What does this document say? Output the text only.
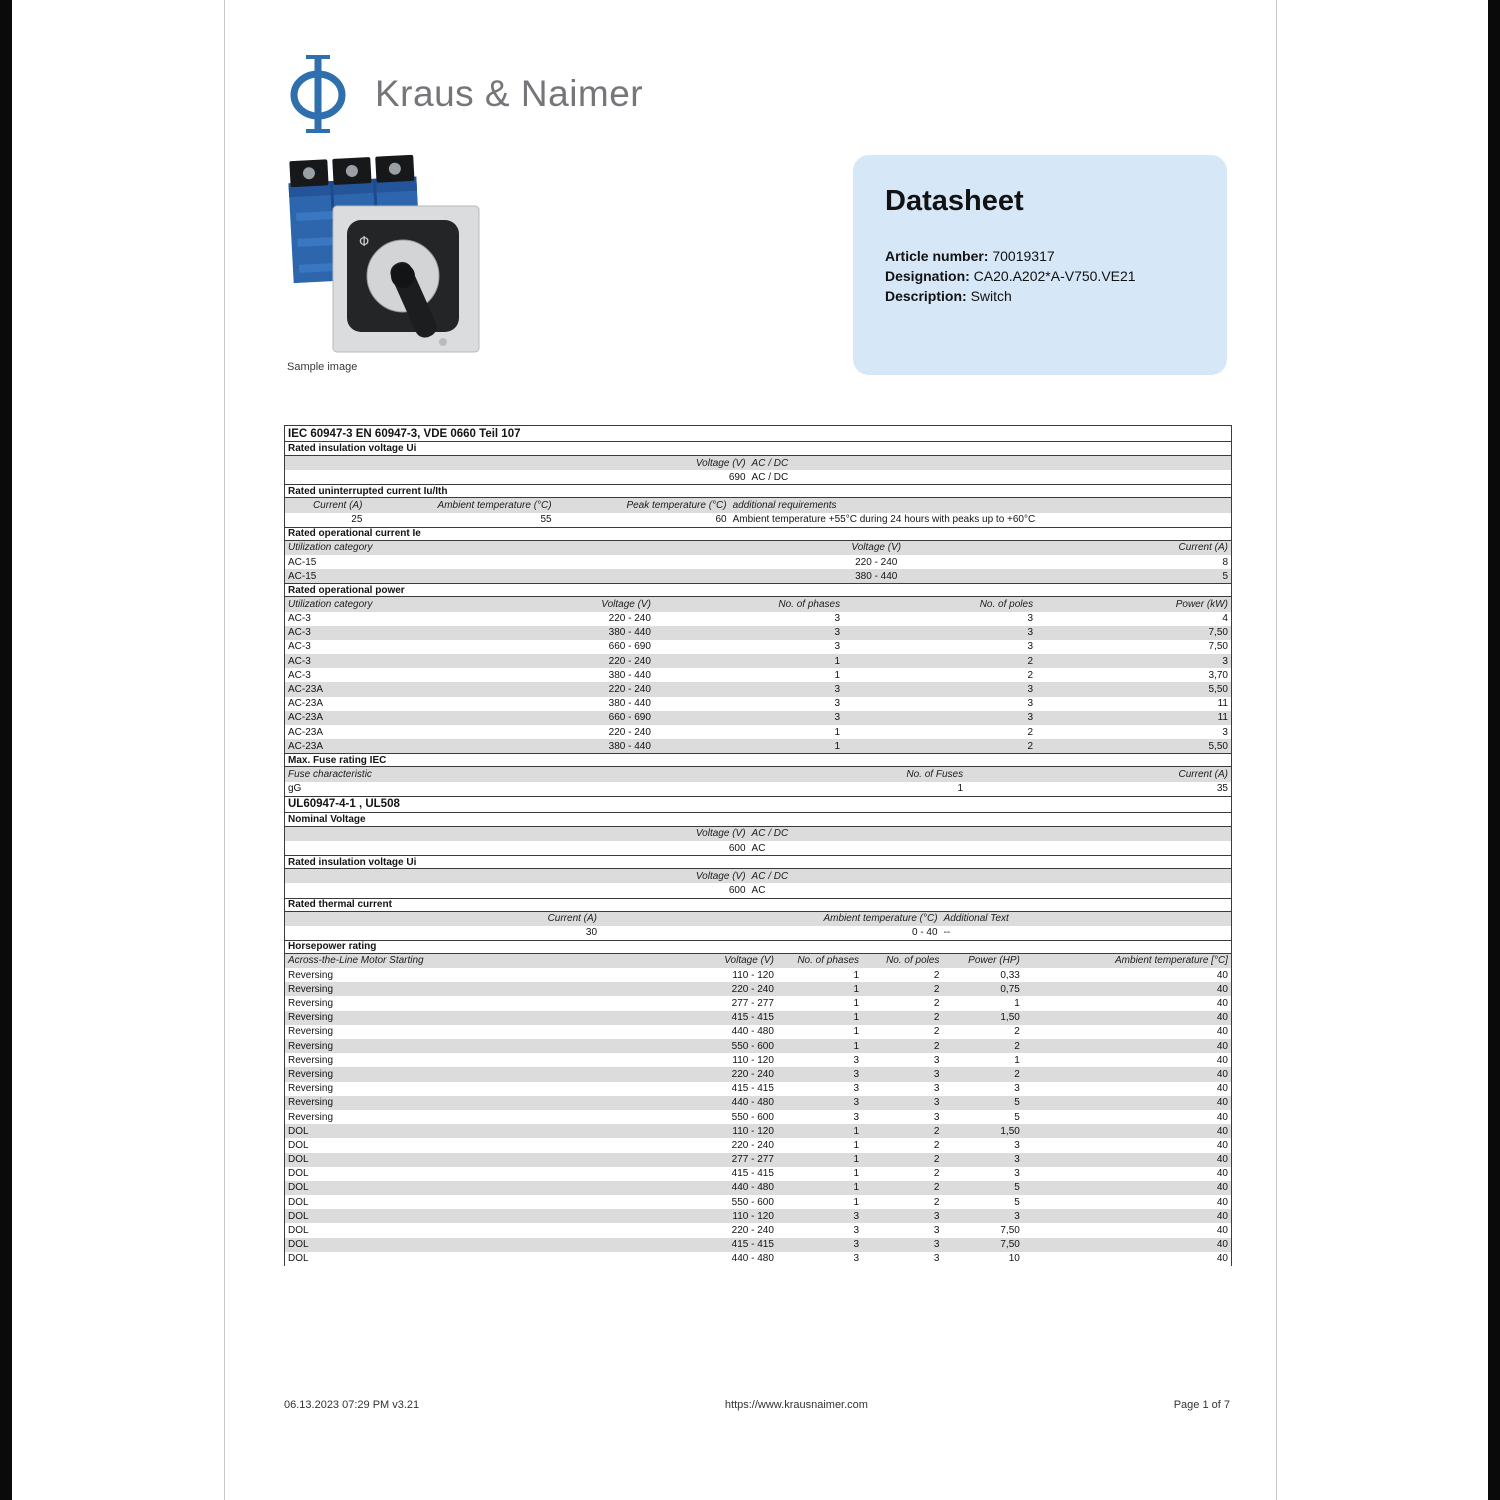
Kraus & Naimer
Φ
Sample image
Datasheet
Article number: 70019317
Designation: CA20.A202*A-V750.VE21
Description: Switch
IEC 60947-3 EN 60947-3, VDE 0660 Teil 107
Rated insulation voltage Ui
Voltage (V) AC / DC
690 AC / DC
Rated uninterrupted current Iu/Ith
Current (A)	Ambient temperature (°C)	Peak temperature (°C) additional requirements
25	55	60 Ambient temperature +55°C during 24 hours with peaks up to +60°C
Rated operational current Ie
Utilization category	Voltage (V)	Current (A)
AC-15	220 - 240	8
AC-15	380 - 440	5
Rated operational power
Utilization category	Voltage (V)	No. of phases	No. of poles	Power (kW)
AC-3	220 - 240	3	3	4
AC-3	380 - 440	3	3	7,50
AC-3	660 - 690	3	3	7,50
AC-3	220 - 240	1	2	3
AC-3	380 - 440	1	2	3,70
AC-23A	220 - 240	3	3	5,50
AC-23A	380 - 440	3	3	11
AC-23A	660 - 690	3	3	11
AC-23A	220 - 240	1	2	3
AC-23A	380 - 440	1	2	5,50
Max. Fuse rating IEC
Fuse characteristic	No. of Fuses	Current (A)
gG	1	35
UL60947-4-1 , UL508
Nominal Voltage
Voltage (V) AC / DC
600 AC
Rated insulation voltage Ui
Voltage (V) AC / DC
600 AC
Rated thermal current
Current (A)	Ambient temperature (°C) Additional Text
30	0 - 40 --
Horsepower rating
Across-the-Line Motor Starting	Voltage (V)	No. of phases	No. of poles	Power (HP)	Ambient temperature [°C]
Reversing	110 - 120	1	2	0,33	40
Reversing	220 - 240	1	2	0,75	40
Reversing	277 - 277	1	2	1	40
Reversing	415 - 415	1	2	1,50	40
Reversing	440 - 480	1	2	2	40
Reversing	550 - 600	1	2	2	40
Reversing	110 - 120	3	3	1	40
Reversing	220 - 240	3	3	2	40
Reversing	415 - 415	3	3	3	40
Reversing	440 - 480	3	3	5	40
Reversing	550 - 600	3	3	5	40
DOL	110 - 120	1	2	1,50	40
DOL	220 - 240	1	2	3	40
DOL	277 - 277	1	2	3	40
DOL	415 - 415	1	2	3	40
DOL	440 - 480	1	2	5	40
DOL	550 - 600	1	2	5	40
DOL	110 - 120	3	3	3	40
DOL	220 - 240	3	3	7,50	40
DOL	415 - 415	3	3	7,50	40
DOL	440 - 480	3	3	10	40
06.13.2023 07:29 PM v3.21	https://www.krausnaimer.com	Page 1 of 7
